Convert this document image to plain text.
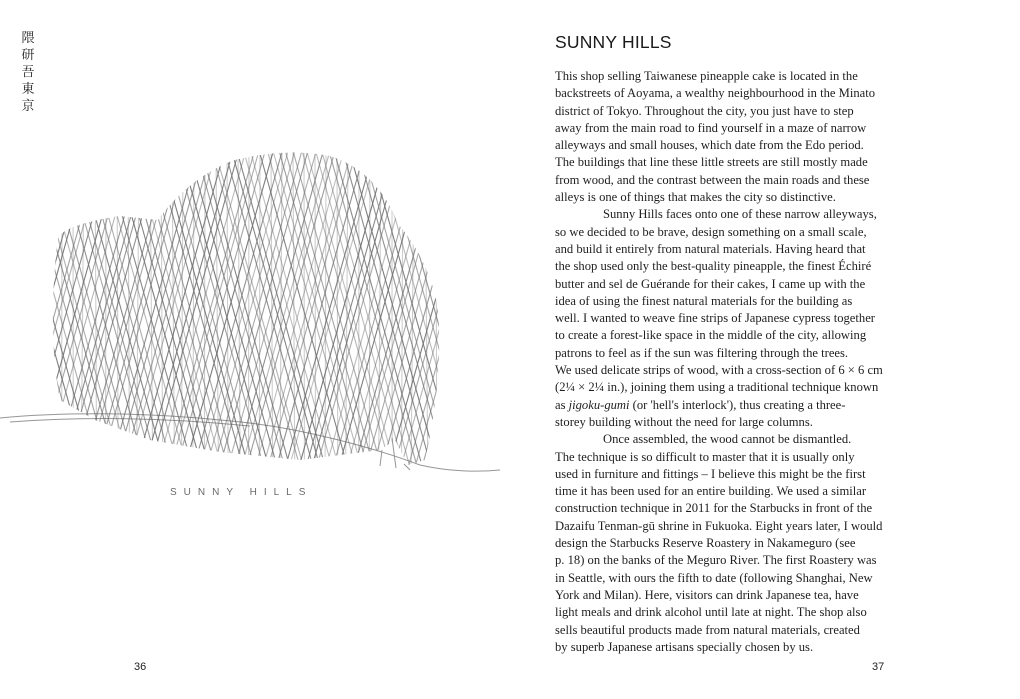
隈
研
吾
東
京
SUNNY HILLS
36
SUNNY HILLS

This shop selling Taiwanese pineapple cake is located in the
backstreets of Aoyama, a wealthy neighbourhood in the Minato
district of Tokyo. Throughout the city, you just have to step
away from the main road to find yourself in a maze of narrow
alleyways and small houses, which date from the Edo period.
The buildings that line these little streets are still mostly made
from wood, and the contrast between the main roads and these
alleys is one of things that makes the city so distinctive.

Sunny Hills faces onto one of these narrow alleyways,
so we decided to be brave, design something on a small scale,
and build it entirely from natural materials. Having heard that
the shop used only the best-quality pineapple, the finest Échiré
butter and sel de Guérande for their cakes, I came up with the
idea of using the finest natural materials for the building as
well. I wanted to weave fine strips of Japanese cypress together
to create a forest-like space in the middle of the city, allowing
patrons to feel as if the sun was filtering through the trees.
We used delicate strips of wood, with a cross-section of 6 × 6 cm
(2¼ × 2¼ in.), joining them using a traditional technique known
as jigoku-gumi (or 'hell's interlock'), thus creating a three-
storey building without the need for large columns.

Once assembled, the wood cannot be dismantled.
The technique is so difficult to master that it is usually only
used in furniture and fittings – I believe this might be the first
time it has been used for an entire building. We used a similar
construction technique in 2011 for the Starbucks in front of the
Dazaifu Tenman-gū shrine in Fukuoka. Eight years later, I would
design the Starbucks Reserve Roastery in Nakameguro (see
p. 18) on the banks of the Meguro River. The first Roastery was
in Seattle, with ours the fifth to date (following Shanghai, New
York and Milan). Here, visitors can drink Japanese tea, have
light meals and drink alcohol until late at night. The shop also
sells beautiful products made from natural materials, created
by superb Japanese artisans specially chosen by us.

37
